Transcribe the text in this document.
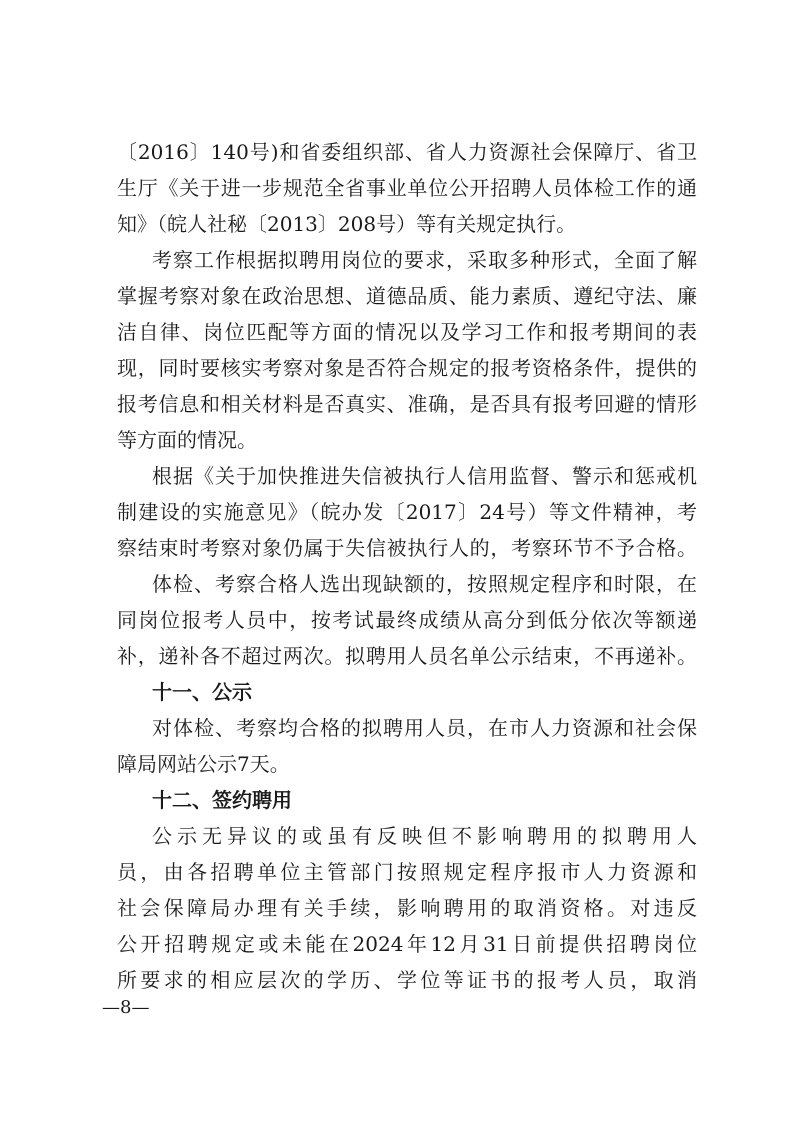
〔2016〕140号)和省委组织部、省人力资源社会保障厅、省卫
生厅《关于进一步规范全省事业单位公开招聘人员体检工作的通
知》（皖人社秘〔2013〕208号）等有关规定执行。
考察工作根据拟聘用岗位的要求，采取多种形式，全面了解
掌握考察对象在政治思想、道德品质、能力素质、遵纪守法、廉
洁自律、岗位匹配等方面的情况以及学习工作和报考期间的表
现，同时要核实考察对象是否符合规定的报考资格条件，提供的
报考信息和相关材料是否真实、准确，是否具有报考回避的情形
等方面的情况。
根据《关于加快推进失信被执行人信用监督、警示和惩戒机
制建设的实施意见》（皖办发〔2017〕24号）等文件精神，考
察结束时考察对象仍属于失信被执行人的，考察环节不予合格。
体检、考察合格人选出现缺额的，按照规定程序和时限，在
同岗位报考人员中，按考试最终成绩从高分到低分依次等额递
补，递补各不超过两次。拟聘用人员名单公示结束，不再递补。
十一、公示
对体检、考察均合格的拟聘用人员，在市人力资源和社会保
障局网站公示7天。
十二、签约聘用
公示无异议的或虽有反映但不影响聘用的拟聘用人
员，由各招聘单位主管部门按照规定程序报市人力资源和
社会保障局办理有关手续，影响聘用的取消资格。对违反
公开招聘规定或未能在2024年12月31日前提供招聘岗位
所要求的相应层次的学历、学位等证书的报考人员，取消
—8—
